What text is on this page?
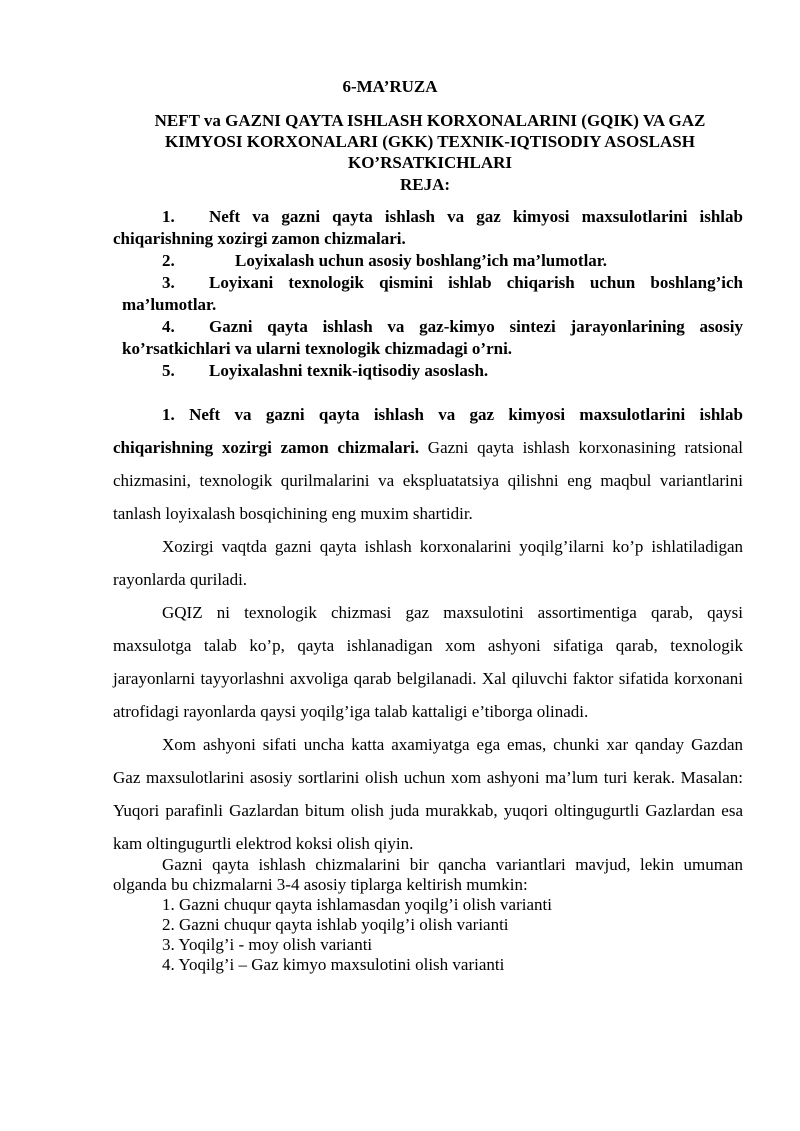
6-MA’RUZA
NEFT va GAZNI QAYTA ISHLASH KORXONALARINI (GQIK) VA GAZ
KIMYOSI KORXONALARI (GKK) TEXNIK-IQTISODIY ASOSLASH
KO’RSATKICHLARI
REJA:
1. Neft va gazni qayta ishlash va gaz kimyosi maxsulotlarini ishlab chiqarishning xozirgi zamon chizmalari.
2.	Loyixalash uchun asosiy boshlang’ich ma’lumotlar.
3. Loyixani texnologik qismini ishlab chiqarish uchun boshlang’ich ma’lumotlar.
4. Gazni qayta ishlash va gaz-kimyo sintezi jarayonlarining asosiy ko’rsatkichlari va ularni texnologik chizmadagi o’rni.
5. Loyixalashni texnik-iqtisodiy asoslash.

1. Neft va gazni qayta ishlash va gaz kimyosi maxsulotlarini ishlab chiqarishning xozirgi zamon chizmalari. Gazni qayta ishlash korxonasining ratsional chizmasini, texnologik qurilmalarini va ekspluatatsiya qilishni eng maqbul variantlarini tanlash loyixalash bosqichining eng muxim shartidir.

Xozirgi vaqtda gazni qayta ishlash korxonalarini yoqilg’ilarni ko’p ishlatiladigan rayonlarda quriladi.

GQIZ ni texnologik chizmasi gaz maxsulotini assortimentiga qarab, qaysi maxsulotga talab ko’p, qayta ishlanadigan xom ashyoni sifatiga qarab, texnologik jarayonlarni tayyorlashni axvoliga qarab belgilanadi. Xal qiluvchi faktor sifatida korxonani atrofidagi rayonlarda qaysi yoqilg’iga talab kattaligi e’tiborga olinadi.

Xom ashyoni sifati uncha katta axamiyatga ega emas, chunki xar qanday Gazdan Gaz maxsulotlarini asosiy sortlarini olish uchun xom ashyoni ma’lum turi kerak. Masalan: Yuqori parafinli Gazlardan bitum olish juda murakkab, yuqori oltingugurtli Gazlardan esa kam oltingugurtli elektrod koksi olish qiyin.

Gazni qayta ishlash chizmalarini bir qancha variantlari mavjud, lekin umuman olganda bu chizmalarni 3-4 asosiy tiplarga keltirish mumkin:

1. Gazni chuqur qayta ishlamasdan yoqilg’i olish varianti
2. Gazni chuqur qayta ishlab yoqilg’i olish varianti
3. Yoqilg’i - moy olish varianti
4. Yoqilg’i – Gaz kimyo maxsulotini olish varianti
